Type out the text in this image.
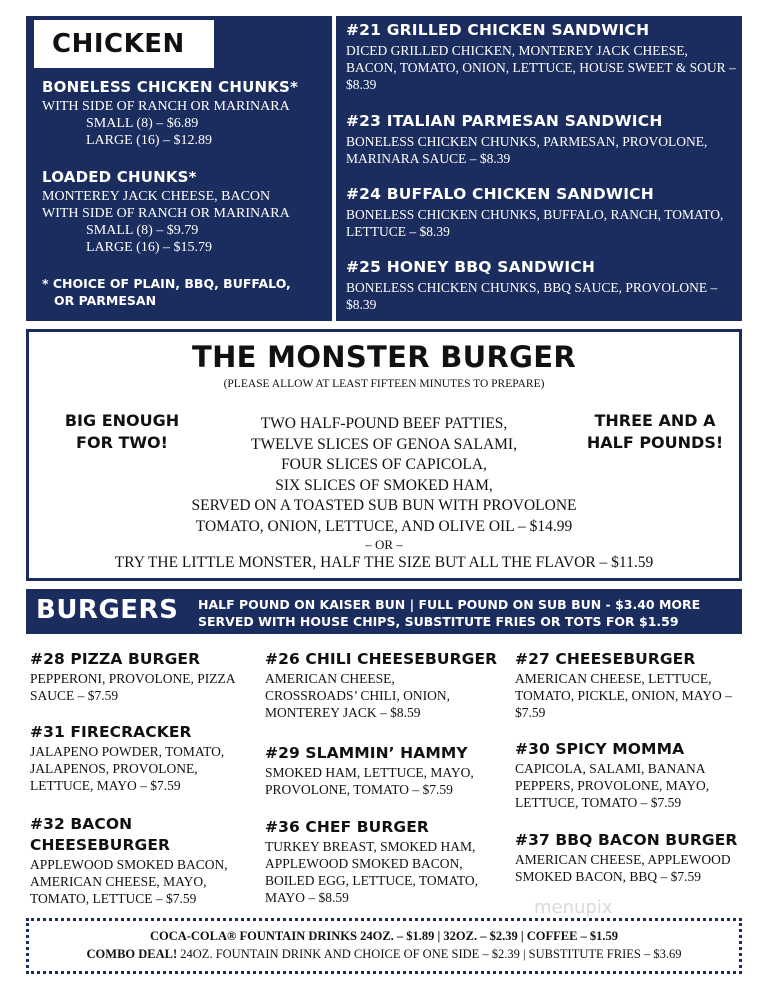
CHICKEN
BONELESS CHICKEN CHUNKS*
WITH SIDE OF RANCH OR MARINARA
SMALL (8) – $6.89
LARGE (16) – $12.89
LOADED CHUNKS*
MONTEREY JACK CHEESE, BACON
WITH SIDE OF RANCH OR MARINARA
SMALL (8) – $9.79
LARGE (16) – $15.79
* CHOICE OF PLAIN, BBQ, BUFFALO,
OR PARMESAN
#21 GRILLED CHICKEN SANDWICH
DICED GRILLED CHICKEN, MONTEREY JACK CHEESE, BACON, TOMATO, ONION, LETTUCE, HOUSE SWEET & SOUR – $8.39
#23 ITALIAN PARMESAN SANDWICH
BONELESS CHICKEN CHUNKS, PARMESAN, PROVOLONE, MARINARA SAUCE – $8.39
#24 BUFFALO CHICKEN SANDWICH
BONELESS CHICKEN CHUNKS, BUFFALO, RANCH, TOMATO, LETTUCE – $8.39
#25 HONEY BBQ SANDWICH
BONELESS CHICKEN CHUNKS, BBQ SAUCE, PROVOLONE – $8.39
THE MONSTER BURGER
(PLEASE ALLOW AT LEAST FIFTEEN MINUTES TO PREPARE)
BIG ENOUGH
FOR TWO!
THREE AND A
HALF POUNDS!
TWO HALF-POUND BEEF PATTIES,
TWELVE SLICES OF GENOA SALAMI,
FOUR SLICES OF CAPICOLA,
SIX SLICES OF SMOKED HAM,
SERVED ON A TOASTED SUB BUN WITH PROVOLONE
TOMATO, ONION, LETTUCE, AND OLIVE OIL – $14.99
– OR –
TRY THE LITTLE MONSTER, HALF THE SIZE BUT ALL THE FLAVOR – $11.59
BURGERS HALF POUND ON KAISER BUN | FULL POUND ON SUB BUN - $3.40 MORE
SERVED WITH HOUSE CHIPS, SUBSTITUTE FRIES OR TOTS FOR $1.59
#28 PIZZA BURGER
PEPPERONI, PROVOLONE, PIZZA SAUCE – $7.59
#31 FIRECRACKER
JALAPENO POWDER, TOMATO, JALAPENOS, PROVOLONE, LETTUCE, MAYO – $7.59
#32 BACON CHEESEBURGER
APPLEWOOD SMOKED BACON, AMERICAN CHEESE, MAYO, TOMATO, LETTUCE – $7.59
#26 CHILI CHEESEBURGER
AMERICAN CHEESE, CROSSROADS’ CHILI, ONION, MONTEREY JACK – $8.59
#29 SLAMMIN’ HAMMY
SMOKED HAM, LETTUCE, MAYO, PROVOLONE, TOMATO – $7.59
#36 CHEF BURGER
TURKEY BREAST, SMOKED HAM, APPLEWOOD SMOKED BACON, BOILED EGG, LETTUCE, TOMATO, MAYO – $8.59
#27 CHEESEBURGER
AMERICAN CHEESE, LETTUCE, TOMATO, PICKLE, ONION, MAYO – $7.59
#30 SPICY MOMMA
CAPICOLA, SALAMI, BANANA PEPPERS, PROVOLONE, MAYO, LETTUCE, TOMATO – $7.59
#37 BBQ BACON BURGER
AMERICAN CHEESE, APPLEWOOD SMOKED BACON, BBQ – $7.59
menupix
COCA-COLA® FOUNTAIN DRINKS 24OZ. – $1.89 | 32OZ. – $2.39 | COFFEE – $1.59
COMBO DEAL! 24OZ. FOUNTAIN DRINK AND CHOICE OF ONE SIDE – $2.39 | SUBSTITUTE FRIES – $3.69
